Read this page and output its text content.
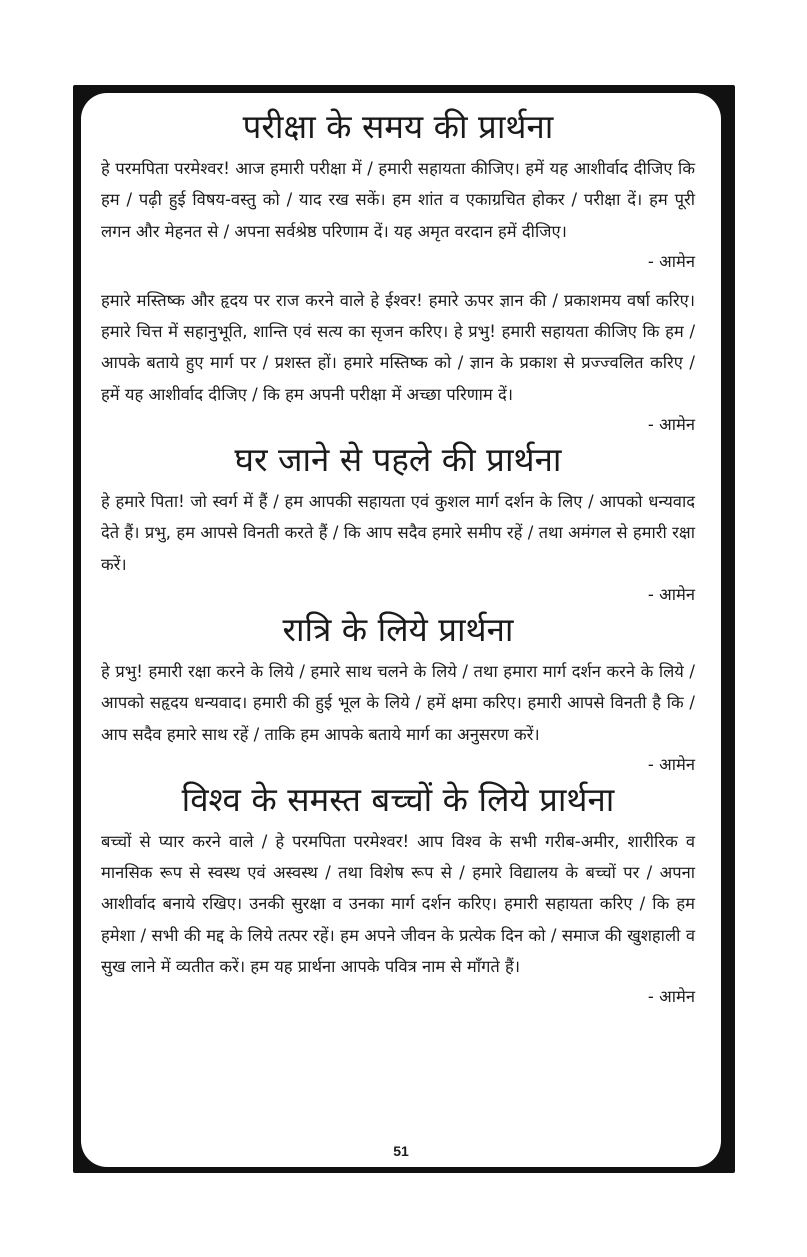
परीक्षा के समय की प्रार्थना

हे परमपिता परमेश्‍वर! आज हमारी परीक्षा में / हमारी सहायता कीजिए। हमें यह आशीर्वाद दीजिए कि हम / पढ़ी हुई विषय-वस्तु को / याद रख सकें। हम शांत व एकाग्रचित होकर / परीक्षा दें। हम पूरी लगन और मेहनत से / अपना सर्वश्रेष्ठ परिणाम दें। यह अमृत वरदान हमें दीजिए।

- आमेन

हमारे मस्तिष्क और हृदय पर राज करने वाले हे ईश्‍वर! हमारे ऊपर ज्ञान की / प्रकाशमय वर्षा करिए। हमारे चित्त में सहानुभूति, शान्ति एवं सत्य का सृजन करिए। हे प्रभु! हमारी सहायता कीजिए कि हम / आपके बताये हुए मार्ग पर / प्रशस्त हों। हमारे मस्तिष्क को / ज्ञान के प्रकाश से प्रज्ज्वलित करिए / हमें यह आशीर्वाद दीजिए / कि हम अपनी परीक्षा में अच्छा परिणाम दें।

- आमेन
घर जाने से पहले की प्रार्थना

हे हमारे पिता! जो स्वर्ग में हैं / हम आपकी सहायता एवं कुशल मार्ग दर्शन के लिए / आपको धन्यवाद देते हैं। प्रभु, हम आपसे विनती करते हैं / कि आप सदैव हमारे समीप रहें / तथा अमंगल से हमारी रक्षा करें।

- आमेन
रात्रि के लिये प्रार्थना

हे प्रभु! हमारी रक्षा करने के लिये / हमारे साथ चलने के लिये / तथा हमारा मार्ग दर्शन करने के लिये / आपको सहृदय धन्यवाद। हमारी की हुई भूल के लिये / हमें क्षमा करिए। हमारी आपसे विनती है कि / आप सदैव हमारे साथ रहें / ताकि हम आपके बताये मार्ग का अनुसरण करें।

- आमेन
विश्‍व के समस्त बच्चों के लिये प्रार्थना

बच्चों से प्यार करने वाले / हे परमपिता परमेश्‍वर! आप विश्‍व के सभी गरीब-अमीर, शारीरिक व मानसिक रूप से स्वस्थ एवं अस्वस्थ / तथा विशेष रूप से / हमारे विद्यालय के बच्चों पर / अपना आशीर्वाद बनाये रखिए। उनकी सुरक्षा व उनका मार्ग दर्शन करिए। हमारी सहायता करिए / कि हम हमेशा / सभी की मद्द के लिये तत्पर रहें। हम अपने जीवन के प्रत्येक दिन को / समाज की खुशहाली व सुख लाने में व्यतीत करें। हम यह प्रार्थना आपके पवित्र नाम से माँगते हैं।

- आमेन
51
